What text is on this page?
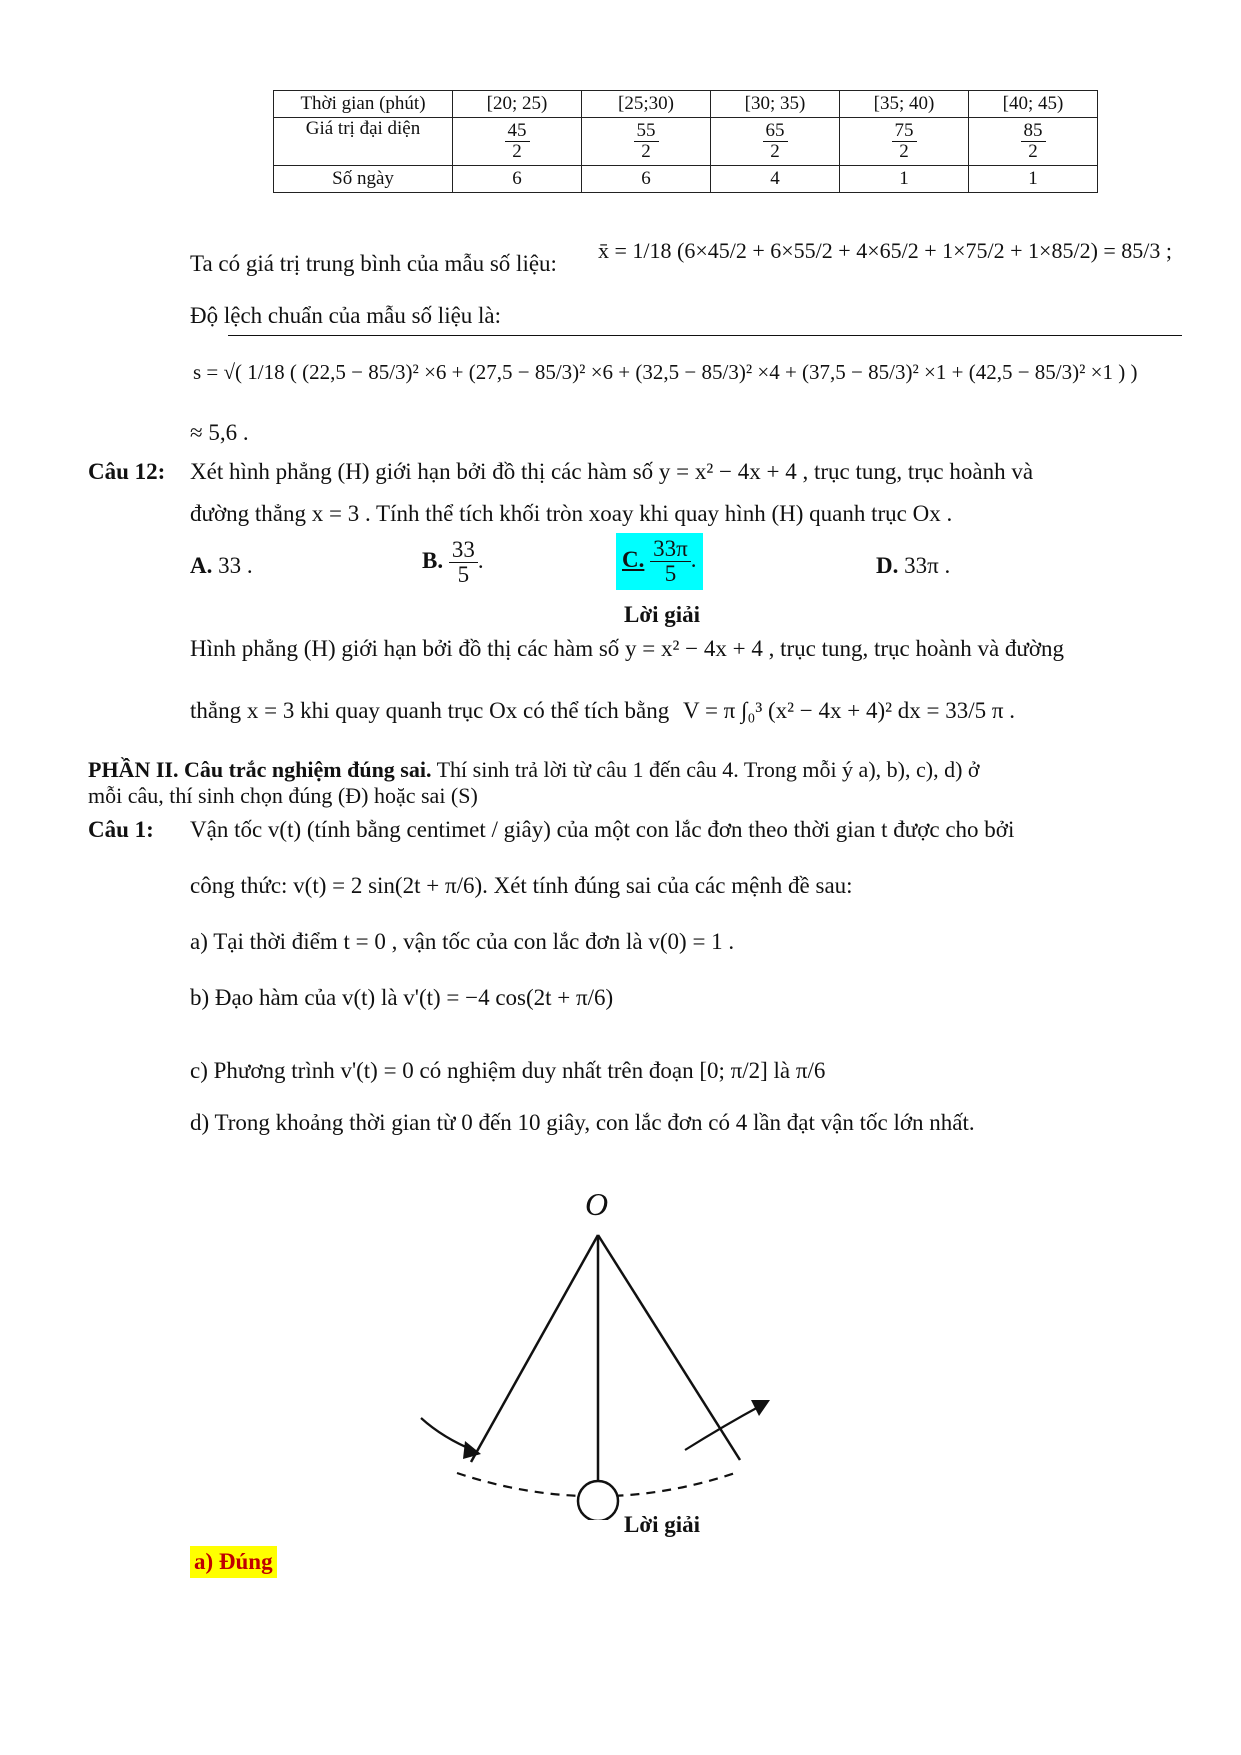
Thời gian (phút)	[20; 25)	[25;30)	[30; 35)	[35; 40)	[40; 45)
Giá trị đại diện	$\frac{45}{2}$	$\frac{55}{2}$	$\frac{65}{2}$	$\frac{75}{2}$	$\frac{85}{2}$

Số ngày	6	6	4	1	1
Ta có giá trị trung bình của mẫu số liệu:
x̄ = 1/18 (6×45/2 + 6×55/2 + 4×65/2 + 1×75/2 + 1×85/2) = 85/3 ;
Độ lệch chuẩn của mẫu số liệu là:
s = √( 1/18 ( (22,5 − 85/3)² ×6 + (27,5 − 85/3)² ×6 + (32,5 − 85/3)² ×4 + (37,5 − 85/3)² ×1 + (42,5 − 85/3)² ×1 ) )
≈ 5,6 .
Câu 12: Xét hình phẳng (H) giới hạn bởi đồ thị các hàm số y = x² − 4x + 4 , trục tung, trục hoành và
đường thẳng x = 3 . Tính thể tích khối tròn xoay khi quay hình (H) quanh trục Ox .
A. 33 .	B. $\frac{33}{5}$ .	C. $\frac{33\pi}{5}$ .	D. 33π .
Lời giải
Hình phẳng (H) giới hạn bởi đồ thị các hàm số y = x² − 4x + 4 , trục tung, trục hoành và đường
thẳng x = 3 khi quay quanh trục Ox có thể tích bằng V = π ∫₀³ (x² − 4x + 4)² dx = 33/5 π .
PHẦN II. Câu trắc nghiệm đúng sai. Thí sinh trả lời từ câu 1 đến câu 4. Trong mỗi ý a), b), c), d) ở
mỗi câu, thí sinh chọn đúng (Đ) hoặc sai (S)
Câu 1: Vận tốc v(t) (tính bằng centimet / giây) của một con lắc đơn theo thời gian t được cho bởi
công thức: v(t) = 2 sin(2t + π/6). Xét tính đúng sai của các mệnh đề sau:
a) Tại thời điểm t = 0 , vận tốc của con lắc đơn là v(0) = 1 .
b) Đạo hàm của v(t) là v'(t) = −4 cos(2t + π/6)
c) Phương trình v'(t) = 0 có nghiệm duy nhất trên đoạn [0; π/2] là π/6
d) Trong khoảng thời gian từ 0 đến 10 giây, con lắc đơn có 4 lần đạt vận tốc lớn nhất.
O
Lời giải
a) Đúng
